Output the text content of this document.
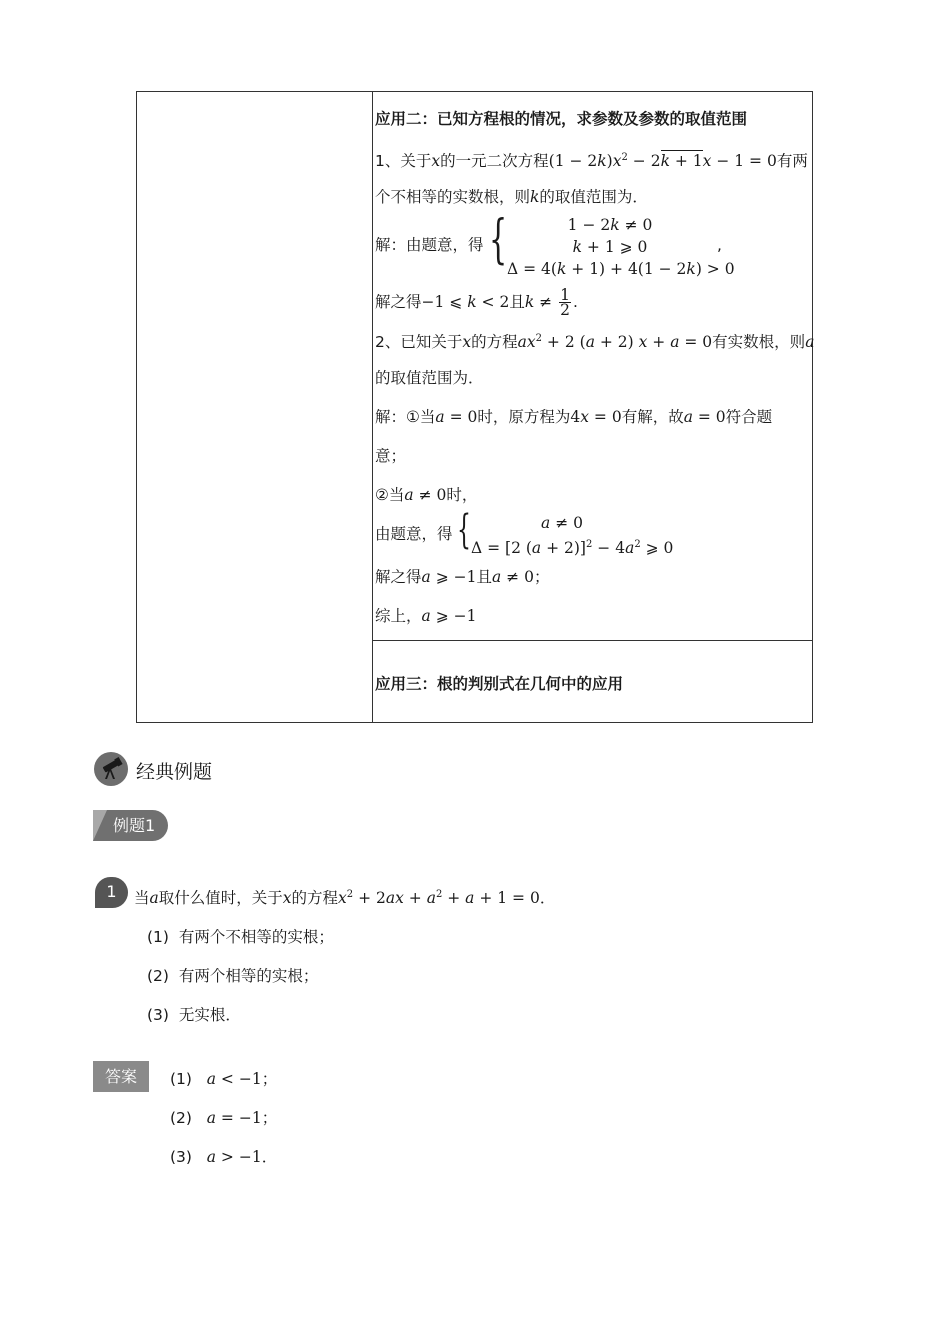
应用二：已知方程根的情况，求参数及参数的取值范围
1、关于x的一元二次方程$(1 - 2k)x^2 - 2k + 1x - 1 = 0$有两
个不相等的实数根，则k的取值范围为．
解：由题意，得 {	1 − 2k ≠ 0
k + 1 ⩾ 0
Δ = 4(k + 1) + 4(1 − 2k) > 0
,
解之得−1 ⩽ k < 2且$k \ne \frac{1}{2}$ .
2、已知关于x的方程$ax^2 + 2$ (a + 2) x + a = 0有实数根，则a
的取值范围为．
解：①当a = 0时，原方程为4x = 0有解，故a = 0符合题
意；
②当a ≠ 0时，
由题意，得 {	a ≠ 0
Δ = [2 $(a + 2)]^2 - 4a^2$ ⩾ 0
解之得a ⩾ −1且a ≠ 0；
综上，a ⩾ −1
应用三：根的判别式在几何中的应用
经典例题
例题1
1	当a取什么值时，关于x的方程$x^2 + 2ax + a^2 + a + 1 = 0$．
(1) 有两个不相等的实根；
(2) 有两个相等的实根；
(3) 无实根．
答案	(1) a < −1；
(2) a = −1；
(3) a > −1．
